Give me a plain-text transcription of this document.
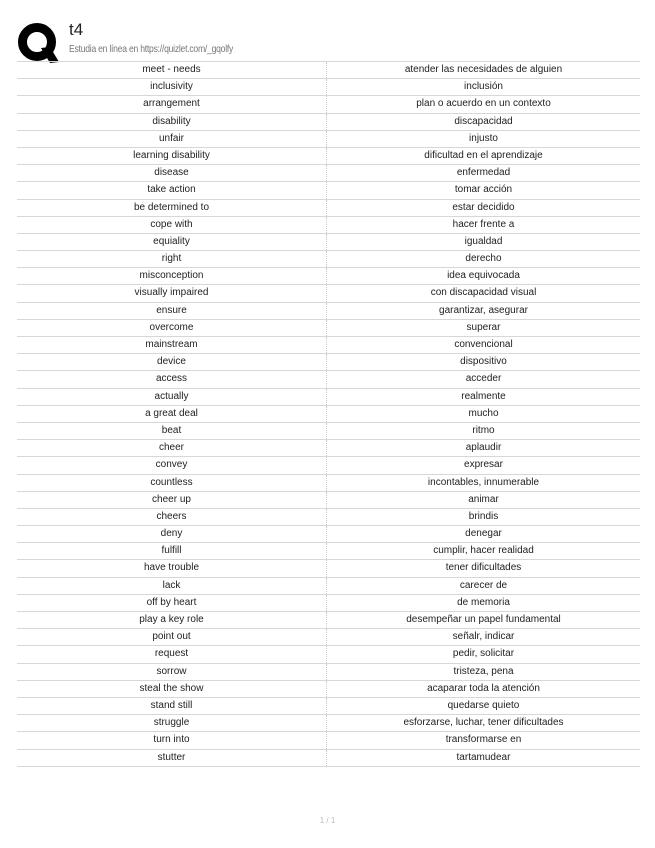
t4
Estudia en línea en https://quizlet.com/_gqolfy
meet - needs	atender las necesidades de alguien
inclusivity	inclusión
arrangement	plan o acuerdo en un contexto
disability	discapacidad
unfair	injusto
learning disability	dificultad en el aprendizaje
disease	enfermedad
take action	tomar acción
be determined to	estar decidido
cope with	hacer frente a
equiality	igualdad
right	derecho
misconception	idea equivocada
visually impaired	con discapacidad visual
ensure	garantizar, asegurar
overcome	superar
mainstream	convencional
device	dispositivo
access	acceder
actually	realmente
a great deal	mucho
beat	ritmo
cheer	aplaudir
convey	expresar
countless	incontables, innumerable
cheer up	animar
cheers	brindis
deny	denegar
fulfill	cumplir, hacer realidad
have trouble	tener dificultades
lack	carecer de
off by heart	de memoria
play a key role	desempeñar un papel fundamental
point out	señalr, indicar
request	pedir, solicitar
sorrow	tristeza, pena
steal the show	acaparar toda la atención
stand still	quedarse quieto
struggle	esforzarse, luchar, tener dificultades
turn into	transformarse en
stutter	tartamudear
1 / 1
